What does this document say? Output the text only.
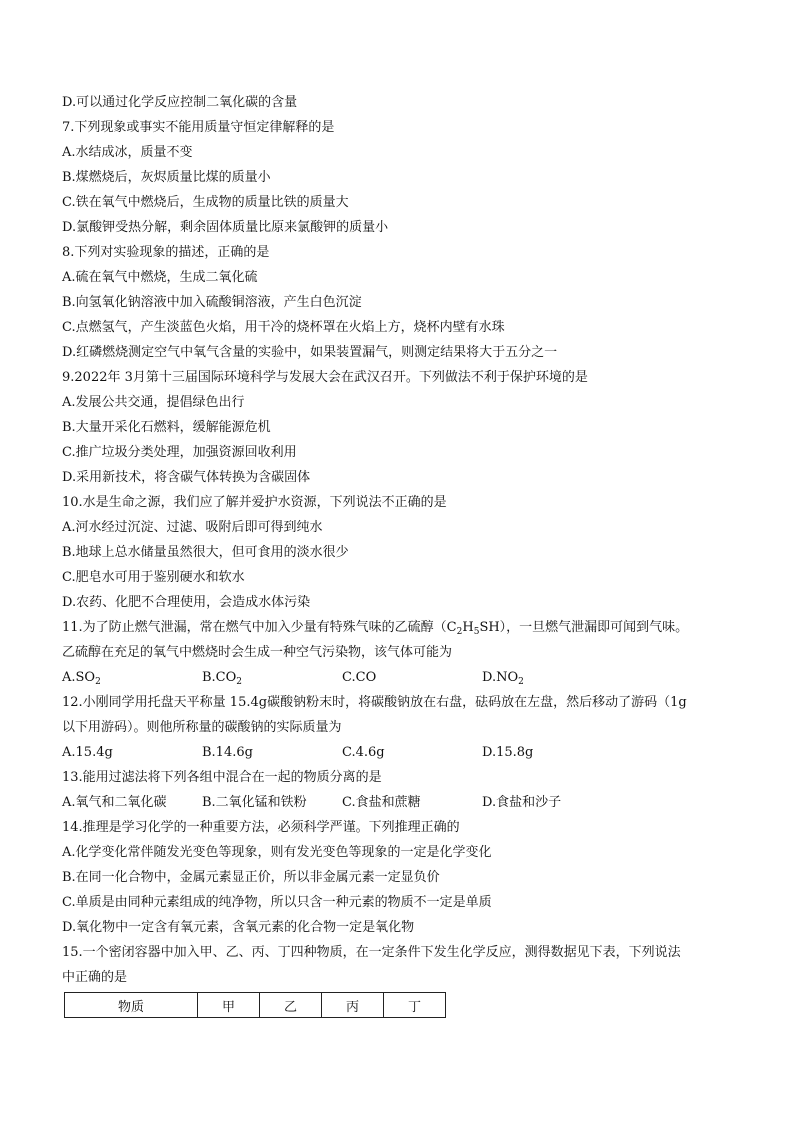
D.可以通过化学反应控制二氧化碳的含量
7.下列现象或事实不能用质量守恒定律解释的是
A.水结成冰，质量不变
B.煤燃烧后，灰烬质量比煤的质量小
C.铁在氧气中燃烧后，生成物的质量比铁的质量大
D.氯酸钾受热分解，剩余固体质量比原来氯酸钾的质量小
8.下列对实验现象的描述，正确的是
A.硫在氧气中燃烧，生成二氧化硫
B.向氢氧化钠溶液中加入硫酸铜溶液，产生白色沉淀
C.点燃氢气，产生淡蓝色火焰，用干冷的烧杯罩在火焰上方，烧杯内壁有水珠
D.红磷燃烧测定空气中氧气含量的实验中，如果装置漏气，则测定结果将大于五分之一
9.2022年 3月第十三届国际环境科学与发展大会在武汉召开。下列做法不利于保护环境的是
A.发展公共交通，提倡绿色出行
B.大量开采化石燃料，缓解能源危机
C.推广垃圾分类处理，加强资源回收利用
D.采用新技术，将含碳气体转换为含碳固体
10.水是生命之源，我们应了解并爱护水资源，下列说法不正确的是
A.河水经过沉淀、过滤、吸附后即可得到纯水
B.地球上总水储量虽然很大，但可食用的淡水很少
C.肥皂水可用于鉴别硬水和软水
D.农药、化肥不合理使用，会造成水体污染
11.为了防止燃气泄漏，常在燃气中加入少量有特殊气味的乙硫醇$(C_2H_5SH)$，一旦燃气泄漏即可闻到气味。
乙硫醇在充足的氧气中燃烧时会生成一种空气污染物，该气体可能为
$A.SO_2$	$B.CO_2$	C.CO	$D.NO_2$
12.小刚同学用托盘天平称量 15.4g碳酸钠粉末时，将碳酸钠放在右盘，砝码放在左盘，然后移动了游码（1g
以下用游码）。则他所称量的碳酸钠的实际质量为
A.15.4g	B.14.6g	C.4.6g	D.15.8g
13.能用过滤法将下列各组中混合在一起的物质分离的是
A.氧气和二氧化碳	B.二氧化锰和铁粉	C.食盐和蔗糖	D.食盐和沙子
14.推理是学习化学的一种重要方法，必须科学严谨。下列推理正确的
A.化学变化常伴随发光变色等现象，则有发光变色等现象的一定是化学变化
B.在同一化合物中，金属元素显正价，所以非金属元素一定显负价
C.单质是由同种元素组成的纯净物，所以只含一种元素的物质不一定是单质
D.氧化物中一定含有氧元素，含氧元素的化合物一定是氧化物
15.一个密闭容器中加入甲、乙、丙、丁四种物质，在一定条件下发生化学反应，测得数据见下表，下列说法
中正确的是
物质	甲	乙	丙	丁
